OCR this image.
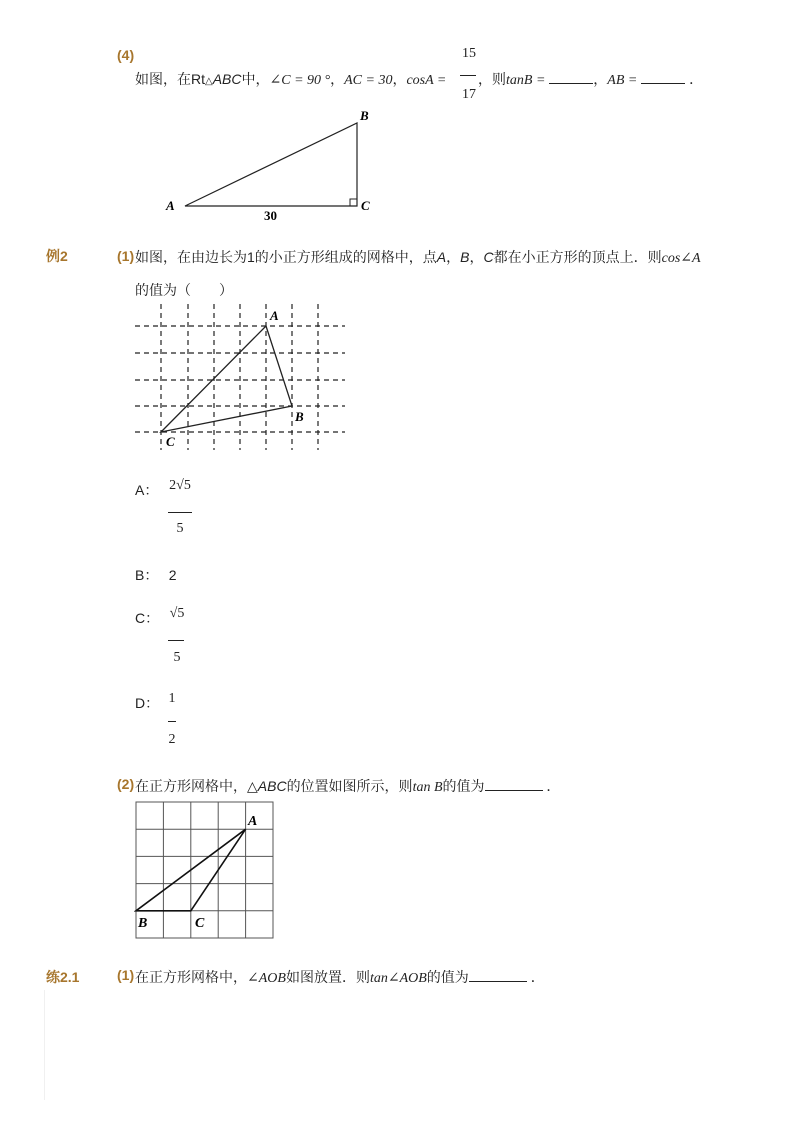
(4)	15
17
如图，在Rt△ABC中，∠C = 90 °，AC = 30，cosA = ，则tanB =	，AB =	．
A
B
C
30
例2	(1) 如图，在由边长为1的小正方形组成的网格中，点A，B，C都在小正方形的顶点上．则cos∠A
的值为（　　）
A
B
C
A： 2√5
5
B： 2
C： √5
5
D： 1
2
(2) 在正方形网格中，△ABC的位置如图所示，则tan B的值为	．
A
B	C
练2.1	(1) 在正方形网格中，∠AOB如图放置．则tan∠AOB的值为	．
